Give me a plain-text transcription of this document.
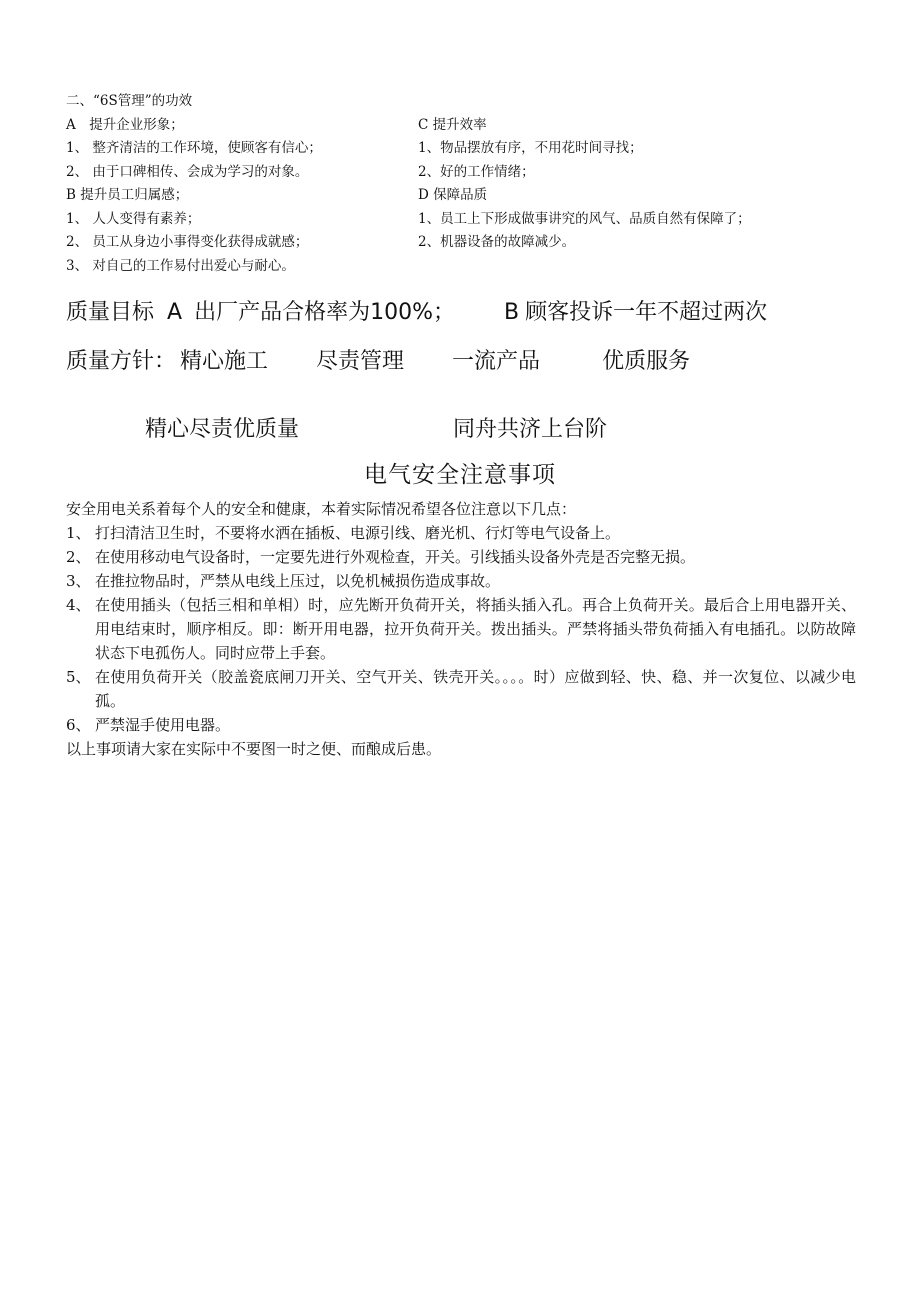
二、“6S管理”的功效
A　提升企业形象；
1、 整齐清洁的工作环境，使顾客有信心；
2、 由于口碑相传、会成为学习的对象。
B 提升员工归属感；
1、 人人变得有素养；
2、 员工从身边小事得变化获得成就感；
3、 对自己的工作易付出爱心与耐心。
C 提升效率
1、物品摆放有序，不用花时间寻找；
2、好的工作情绪；
D 保障品质
1、员工上下形成做事讲究的风气、品质自然有保障了；
2、机器设备的故障减少。
质量目标 A 出厂产品合格率为100%； B 顾客投诉一年不超过两次
质量方针： 精心施工 尽责管理 一流产品	优质服务
精心尽责优质量	同舟共济上台阶
电气安全注意事项
安全用电关系着每个人的安全和健康，本着实际情况希望各位注意以下几点：
1、 打扫清洁卫生时，不要将水洒在插板、电源引线、磨光机、行灯等电气设备上。
2、 在使用移动电气设备时，一定要先进行外观检查，开关。引线插头设备外壳是否完整无损。
3、 在推拉物品时，严禁从电线上压过，以免机械损伤造成事故。
4、 在使用插头（包括三相和单相）时，应先断开负荷开关，将插头插入孔。再合上负荷开关。最后合上用电器开关、用电结束时，顺序相反。即：断开用电器，拉开负荷开关。拨出插头。严禁将插头带负荷插入有电插孔。以防故障状态下电孤伤人。同时应带上手套。
5、 在使用负荷开关（胶盖瓷底闸刀开关、空气开关、铁壳开关。。。。时）应做到轻、快、稳、并一次复位、以减少电孤。
6、 严禁湿手使用电器。
以上事项请大家在实际中不要图一时之便、而酿成后患。
